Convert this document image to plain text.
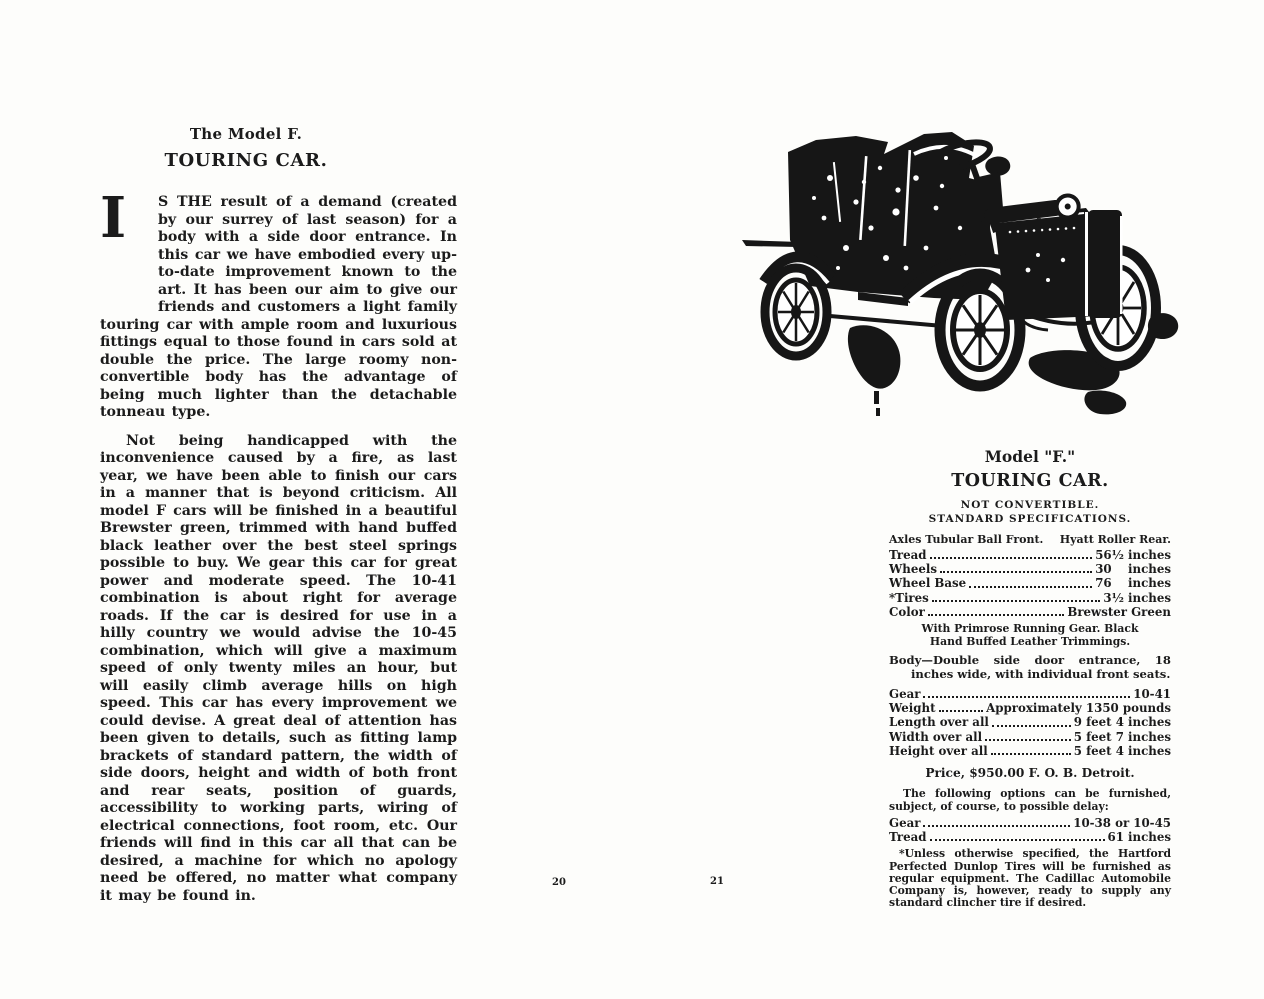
The Model F.
TOURING CAR.

I	S THE result of a demand (created by our surrey of last season) for a body with a side door entrance. In this car we have embodied every up-to-date improvement known to the art. It has been our aim to give our friends and customers a light family touring car with ample room and luxurious fittings equal to those found in cars sold at double the price. The large roomy non-convertible body has the advantage of being much lighter than the detachable tonneau type.

Not being handicapped with the inconvenience caused by a fire, as last year, we have been able to finish our cars in a manner that is beyond criticism. All model F cars will be finished in a beautiful Brewster green, trimmed with hand buffed black leather over the best steel springs possible to buy. We gear this car for great power and moderate speed. The 10-41 combination is about right for average roads. If the car is desired for use in a hilly country we would advise the 10-45 combination, which will give a maximum speed of only twenty miles an hour, but will easily climb average hills on high speed. This car has every improvement we could devise. A great deal of attention has been given to details, such as fitting lamp brackets of standard pattern, the width of side doors, height and width of both front and rear seats, position of guards, accessibility to working parts, wiring of electrical connections, foot room, etc. Our friends will find in this car all that can be desired, a machine for which no apology need be offered, no matter what company it may be found in.

Model "F."
TOURING CAR.
NOT CONVERTIBLE.
STANDARD SPECIFICATIONS.
Axles Tubular Ball Front. Hyatt Roller Rear.
Tread	56½ inches
Wheels	30    inches
Wheel Base	76    inches
*Tires	3½ inches
Color	Brewster Green
With Primrose Running Gear. Black
Hand Buffed Leather Trimmings.
Body—Double side door entrance, 18 inches wide, with individual front seats.
Gear	10-41
Weight	Approximately 1350 pounds
Length over all	9 feet 4 inches
Width over all	5 feet 7 inches
Height over all	5 feet 4 inches
Price, $950.00 F. O. B. Detroit.
The following options can be furnished, subject, of course, to possible delay:
Gear	10-38 or 10-45
Tread	61 inches
*Unless otherwise specified, the Hartford Perfected Dunlop Tires will be furnished as regular equipment. The Cadillac Automobile Company is, however, ready to supply any standard clincher tire if desired.
20	21
